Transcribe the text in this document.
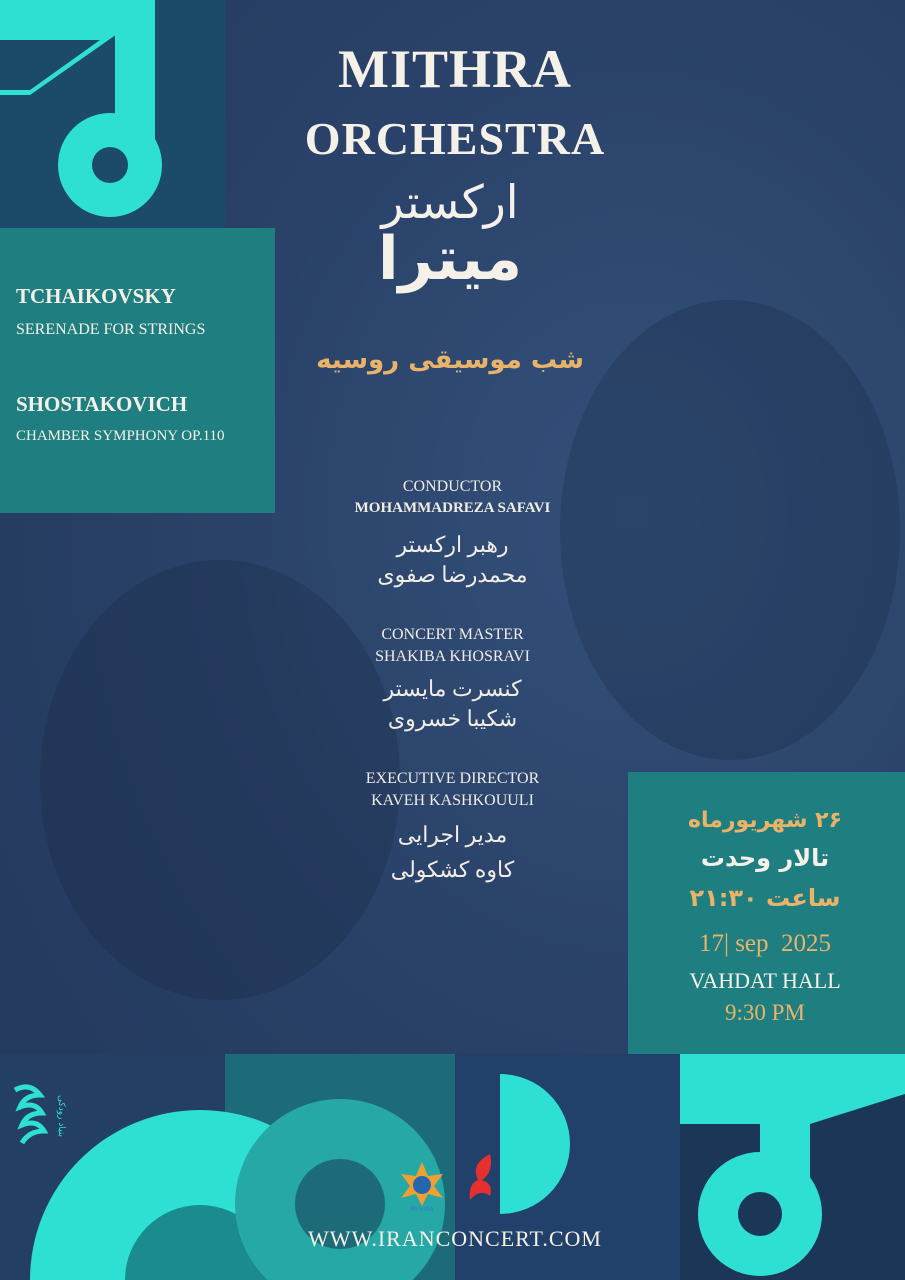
TCHAIKOVSKY
SERENADE FOR STRINGS
SHOSTAKOVICH
CHAMBER SYMPHONY OP.110
MITHRA
ORCHESTRA
ارکستر
میترا
شب موسیقی روسیه
CONDUCTOR
MOHAMMADREZA SAFAVI
رهبر ارکستر
محمدرضا صفوی
CONCERT MASTER
SHAKIBA KHOSRAVI
کنسرت مایستر
شکیبا خسروی
EXECUTIVE DIRECTOR
KAVEH KASHKOUULI
مدیر اجرایی
کاوه کشکولی
۲۶ شهریورماه
تالار وحدت
ساعت ۲۱:۳۰
17| sep  2025
VAHDAT HALL
9:30 PM
بنیاد رودکی
MITHRA
WWW.IRANCONCERT.COM
